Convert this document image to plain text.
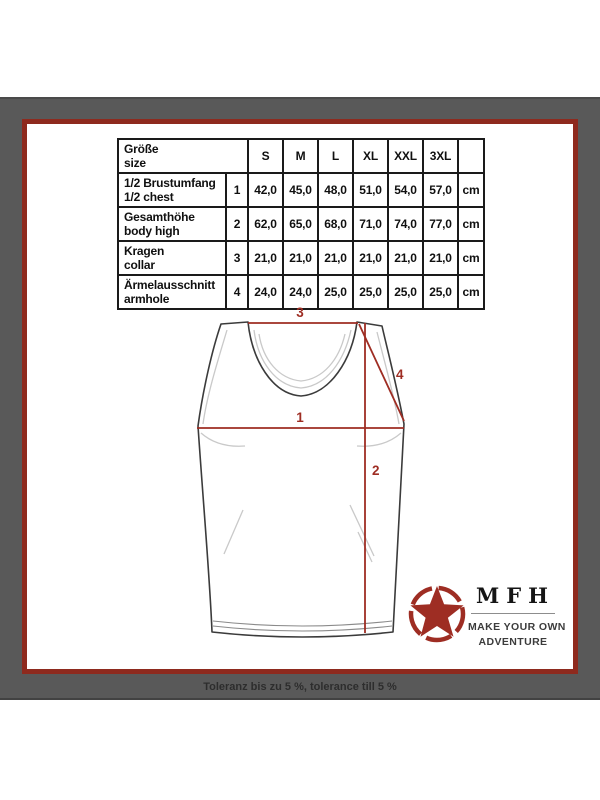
Größe
size		S	M	L	XL	XXL	3XL	

1/2 Brustumfang
1/2 chest	1	42,0	45,0	48,0	51,0	54,0	57,0	cm

Gesamthöhe
body high	2	62,0	65,0	68,0	71,0	74,0	77,0	cm

Kragen
collar	3	21,0	21,0	21,0	21,0	21,0	21,0	cm

Ärmelausschnitt
armhole	4	24,0	24,0	25,0	25,0	25,0	25,0	cm
3
4
1
2
MFH
MAKE YOUR OWN
ADVENTURE
Toleranz bis zu 5 %, tolerance till 5 %
